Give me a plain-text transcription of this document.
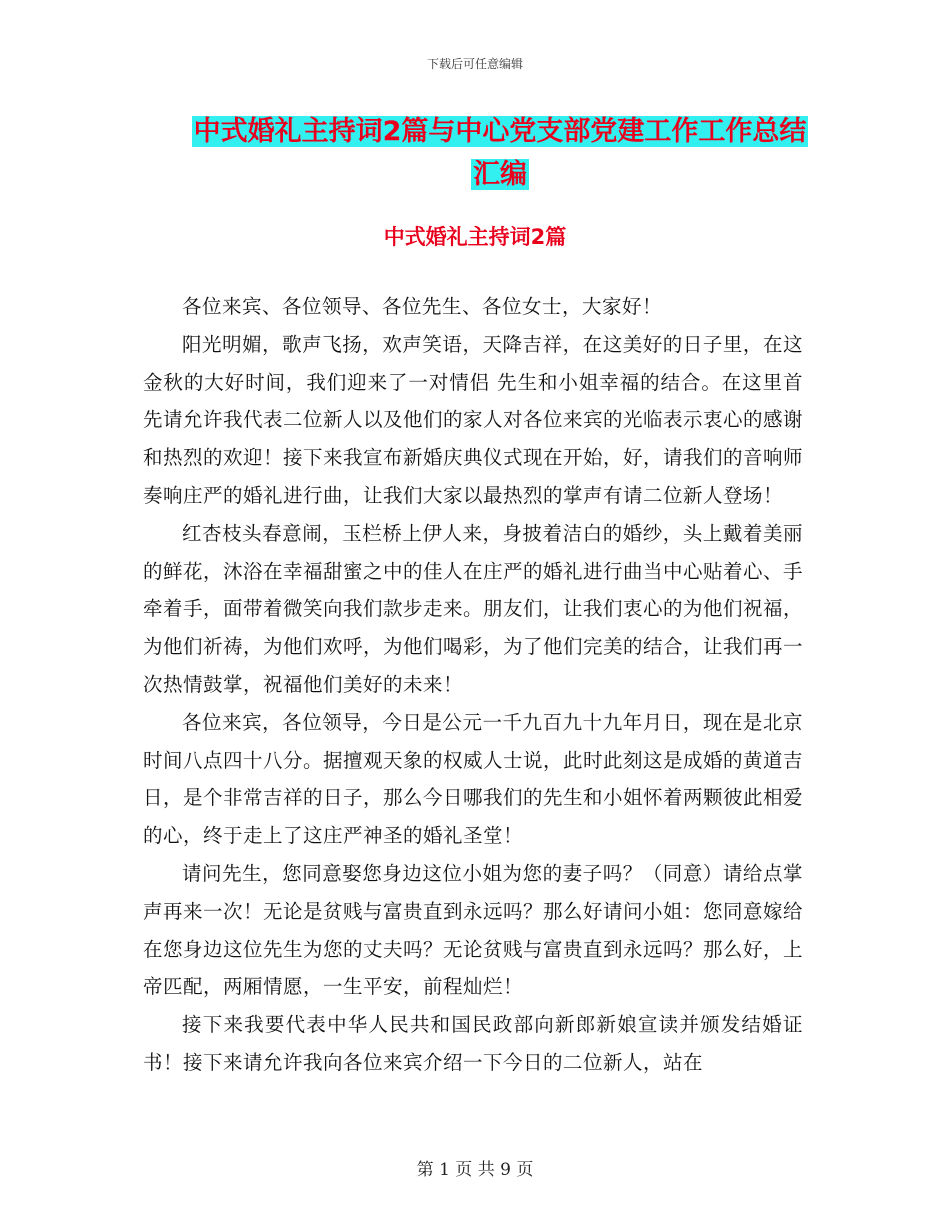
下载后可任意编辑
中式婚礼主持词2篇与中心党支部党建工作工作总结
汇编
中式婚礼主持词2篇

各位来宾、各位领导、各位先生、各位女士，大家好！

阳光明媚，歌声飞扬，欢声笑语，天降吉祥，在这美好的日子里，在这金秋的大好时间，我们迎来了一对情侣 先生和小姐幸福的结合。在这里首先请允许我代表二位新人以及他们的家人对各位来宾的光临表示衷心的感谢和热烈的欢迎！接下来我宣布新婚庆典仪式现在开始，好，请我们的音响师奏响庄严的婚礼进行曲，让我们大家以最热烈的掌声有请二位新人登场！

红杏枝头春意闹，玉栏桥上伊人来，身披着洁白的婚纱，头上戴着美丽的鲜花，沐浴在幸福甜蜜之中的佳人在庄严的婚礼进行曲当中心贴着心、手牵着手，面带着微笑向我们款步走来。朋友们，让我们衷心的为他们祝福，为他们祈祷，为他们欢呼，为他们喝彩，为了他们完美的结合，让我们再一次热情鼓掌，祝福他们美好的未来！

各位来宾，各位领导，今日是公元一千九百九十九年月日，现在是北京时间八点四十八分。据擅观天象的权威人士说，此时此刻这是成婚的黄道吉日，是个非常吉祥的日子，那么今日哪我们的先生和小姐怀着两颗彼此相爱的心，终于走上了这庄严神圣的婚礼圣堂！

请问先生，您同意娶您身边这位小姐为您的妻子吗？（同意）请给点掌声再来一次！无论是贫贱与富贵直到永远吗？那么好请问小姐：您同意嫁给在您身边这位先生为您的丈夫吗？无论贫贱与富贵直到永远吗？那么好，上帝匹配，两厢情愿，一生平安，前程灿烂！

接下来我要代表中华人民共和国民政部向新郎新娘宣读并颁发结婚证书！接下来请允许我向各位来宾介绍一下今日的二位新人，站在

第 1 页 共 9 页
